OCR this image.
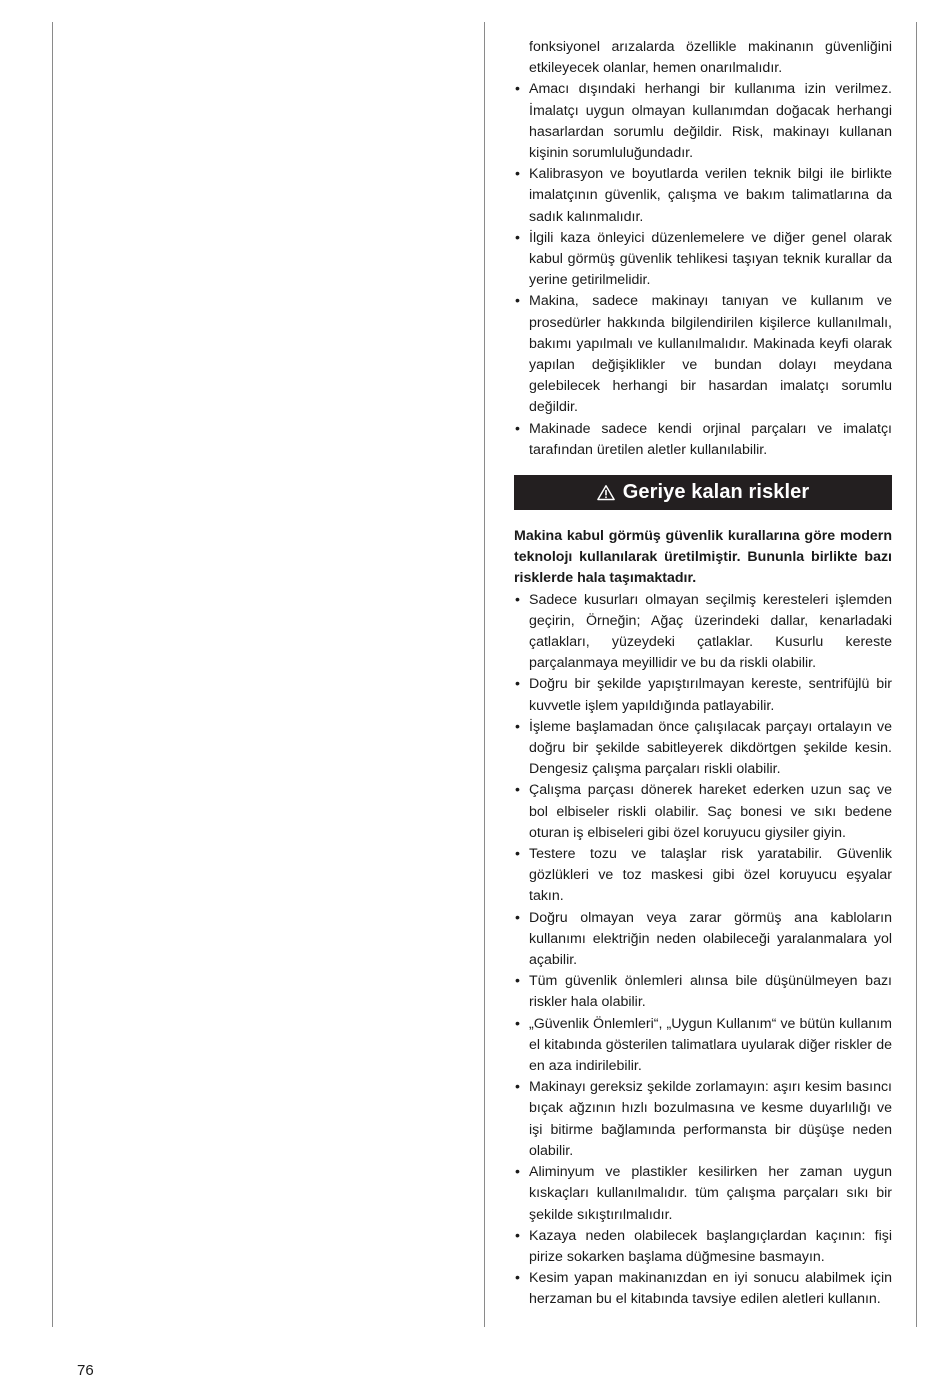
fonksiyonel arızalarda özellikle makinanın güvenliğini etkileyecek olanlar, hemen onarılmalıdır.
• Amacı dışındaki herhangi bir kullanıma izin verilmez. İmalatçı uygun olmayan kullanımdan doğacak herhangi hasarlardan sorumlu değildir. Risk, makinayı kullanan kişinin sorumluluğundadır.
• Kalibrasyon ve boyutlarda verilen teknik bilgi ile birlikte imalatçının güvenlik, çalışma ve bakım talimatlarına da sadık kalınmalıdır.
• İlgili kaza önleyici düzenlemelere ve diğer genel olarak kabul görmüş güvenlik tehlikesi taşıyan teknik kurallar da yerine getirilmelidir.
• Makina, sadece makinayı tanıyan ve kullanım ve prosedürler hakkında bilgilendirilen kişilerce kullanılmalı, bakımı yapılmalı ve kullanılmalıdır. Makinada keyfi olarak yapılan değişiklikler ve bundan dolayı meydana gelebilecek herhangi bir hasardan imalatçı sorumlu değildir.
• Makinade sadece kendi orjinal parçaları ve imalatçı tarafından üretilen aletler kullanılabilir.
Geriye kalan riskler
Makina kabul görmüş güvenlik kurallarına göre modern teknolojı kullanılarak üretilmiştir. Bununla birlikte bazı risklerde hala taşımaktadır.
• Sadece kusurları olmayan seçilmiş keresteleri işlemden geçirin, Örneğin; Ağaç üzerindeki dallar, kenarladaki çatlakları, yüzeydeki çatlaklar. Kusurlu kereste parçalanmaya meyillidir ve bu da riskli olabilir.
• Doğru bir şekilde yapıştırılmayan kereste, sentrifüjlü bir kuvvetle işlem yapıldığında patlayabilir.
• İşleme başlamadan önce çalışılacak parçayı ortalayın ve doğru bir şekilde sabitleyerek dikdörtgen şekilde kesin. Dengesiz çalışma parçaları riskli olabilir.
• Çalışma parçası dönerek hareket ederken uzun saç ve bol elbiseler riskli olabilir. Saç bonesi ve sıkı bedene oturan iş elbiseleri gibi özel koruyucu giysiler giyin.
• Testere tozu ve talaşlar risk yaratabilir. Güvenlik gözlükleri ve toz maskesi gibi özel koruyucu eşyalar takın.
• Doğru olmayan veya zarar görmüş ana kabloların kullanımı elektriğin neden olabileceği yaralanmalara yol açabilir.
• Tüm güvenlik önlemleri alınsa bile düşünülmeyen bazı riskler hala olabilir.
• „Güvenlik Önlemleri“, „Uygun Kullanım“ ve bütün kullanım el kitabında gösterilen talimatlara uyularak diğer riskler de en aza indirilebilir.
• Makinayı gereksiz şekilde zorlamayın: aşırı kesim basıncı bıçak ağzının hızlı bozulmasına ve kesme duyarlılığı ve işi bitirme bağlamında performansta bir düşüşe neden olabilir.
• Aliminyum ve plastikler kesilirken her zaman uygun kıskaçları kullanılmalıdır. tüm çalışma parçaları sıkı bir şekilde sıkıştırılmalıdır.
• Kazaya neden olabilecek başlangıçlardan kaçının: fişi pirize sokarken başlama düğmesine basmayın.
• Kesim yapan makinanızdan en iyi sonucu alabilmek için herzaman bu el kitabında tavsiye edilen aletleri kullanın.
76
